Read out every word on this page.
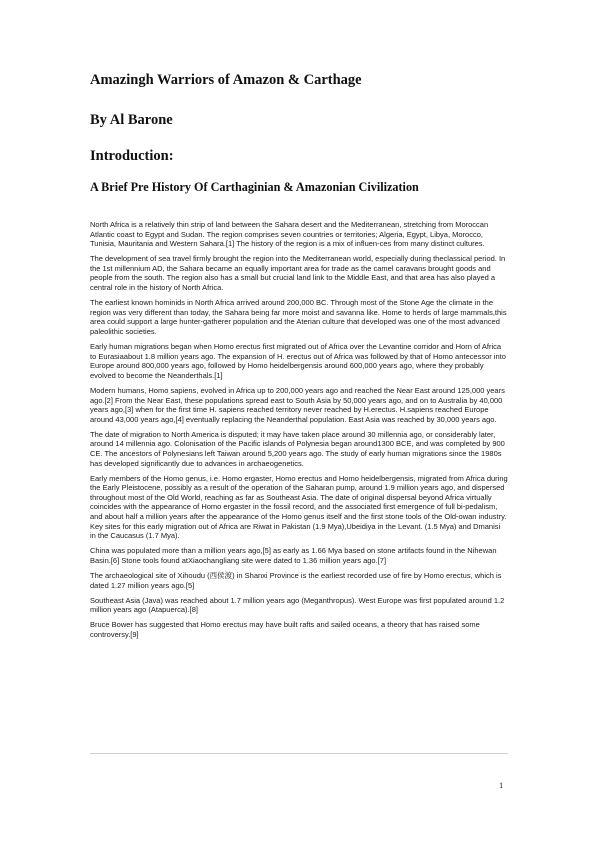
Amazingh Warriors of Amazon & Carthage
By Al Barone
Introduction:
A Brief Pre History Of Carthaginian & Amazonian Civilization

North Africa is a relatively thin strip of land between the Sahara desert and the Mediterranean, stretching from Moroccan Atlantic coast to Egypt and Sudan. The region comprises seven countries or territories; Algeria, Egypt, Libya, Morocco, Tunisia, Mauritania and Western Sahara.[1] The history of the region is a mix of influen-ces from many distinct cultures.

The development of sea travel firmly brought the region into the Mediterranean world, especially during theclassical period. In the 1st millennium AD, the Sahara became an equally important area for trade as the camel caravans brought goods and people from the south. The region also has a small but crucial land link to the Middle East, and that area has also played a central role in the history of North Africa.

The earliest known hominids in North Africa arrived around 200,000 BC. Through most of the Stone Age the climate in the region was very different than today, the Sahara being far more moist and savanna like. Home to herds of large mammals,this area could support a large hunter-gatherer population and the Aterian culture that developed was one of the most advanced paleolithic societies.

Early human migrations began when Homo erectus first migrated out of Africa over the Levantine corridor and Horn of Africa to Eurasiaabout 1.8 million years ago. The expansion of H. erectus out of Africa was followed by that of Homo antecessor into Europe around 800,000 years ago, followed by Homo heidelbergensis around 600,000 years ago, where they probably evolved to become the Neanderthals.[1]

Modern humans, Homo sapiens, evolved in Africa up to 200,000 years ago and reached the Near East around 125,000 years ago.[2] From the Near East, these populations spread east to South Asia by 50,000 years ago, and on to Australia by 40,000 years ago,[3] when for the first time H. sapiens reached territory never reached by H.erectus. H.sapiens reached Europe around 43,000 years ago,[4] eventually replacing the Neanderthal population. East Asia was reached by 30,000 years ago.

The date of migration to North America is disputed; it may have taken place around 30 millennia ago, or considerably later, around 14 millennia ago. Colonisation of the Pacific islands of Polynesia began around1300 BCE, and was completed by 900 CE. The ancestors of Polynesians left Taiwan around 5,200 years ago. The study of early human migrations since the 1980s has developed significantly due to advances in archaeogenetics.

Early members of the Homo genus, i.e. Homo ergaster, Homo erectus and Homo heidelbergensis, migrated from Africa during the Early Pleistocene, possibly as a result of the operation of the Saharan pump, around 1.9 million years ago, and dispersed throughout most of the Old World, reaching as far as Southeast Asia. The date of original dispersal beyond Africa virtually coincides with the appearance of Homo ergaster in the fossil record, and the associated first emergence of full bi-pedalism, and about half a million years after the appearance of the Homo genus itself and the first stone tools of the Old-owan industry. Key sites for this early migration out of Africa are Riwat in Pakistan (1.9 Mya),Ubeidiya in the Levant. (1.5 Mya) and Dmanisi in the Caucasus (1.7 Mya).

China was populated more than a million years ago,[5] as early as 1.66 Mya based on stone artifacts found in the Nihewan Basin.[6] Stone tools found atXiaochangliang site were dated to 1.36 million years ago.[7]

The archaeological site of Xihoudu (西侯渡) in Shanxi Province is the earliest recorded use of fire by Homo erectus, which is dated 1.27 million years ago.[5]

Southeast Asia (Java) was reached about 1.7 million years ago (Meganthropus). West Europe was first populated around 1.2 million years ago (Atapuerca).[8]

Bruce Bower has suggested that Homo erectus may have built rafts and sailed oceans, a theory that has raised some controversy.[9]

1
